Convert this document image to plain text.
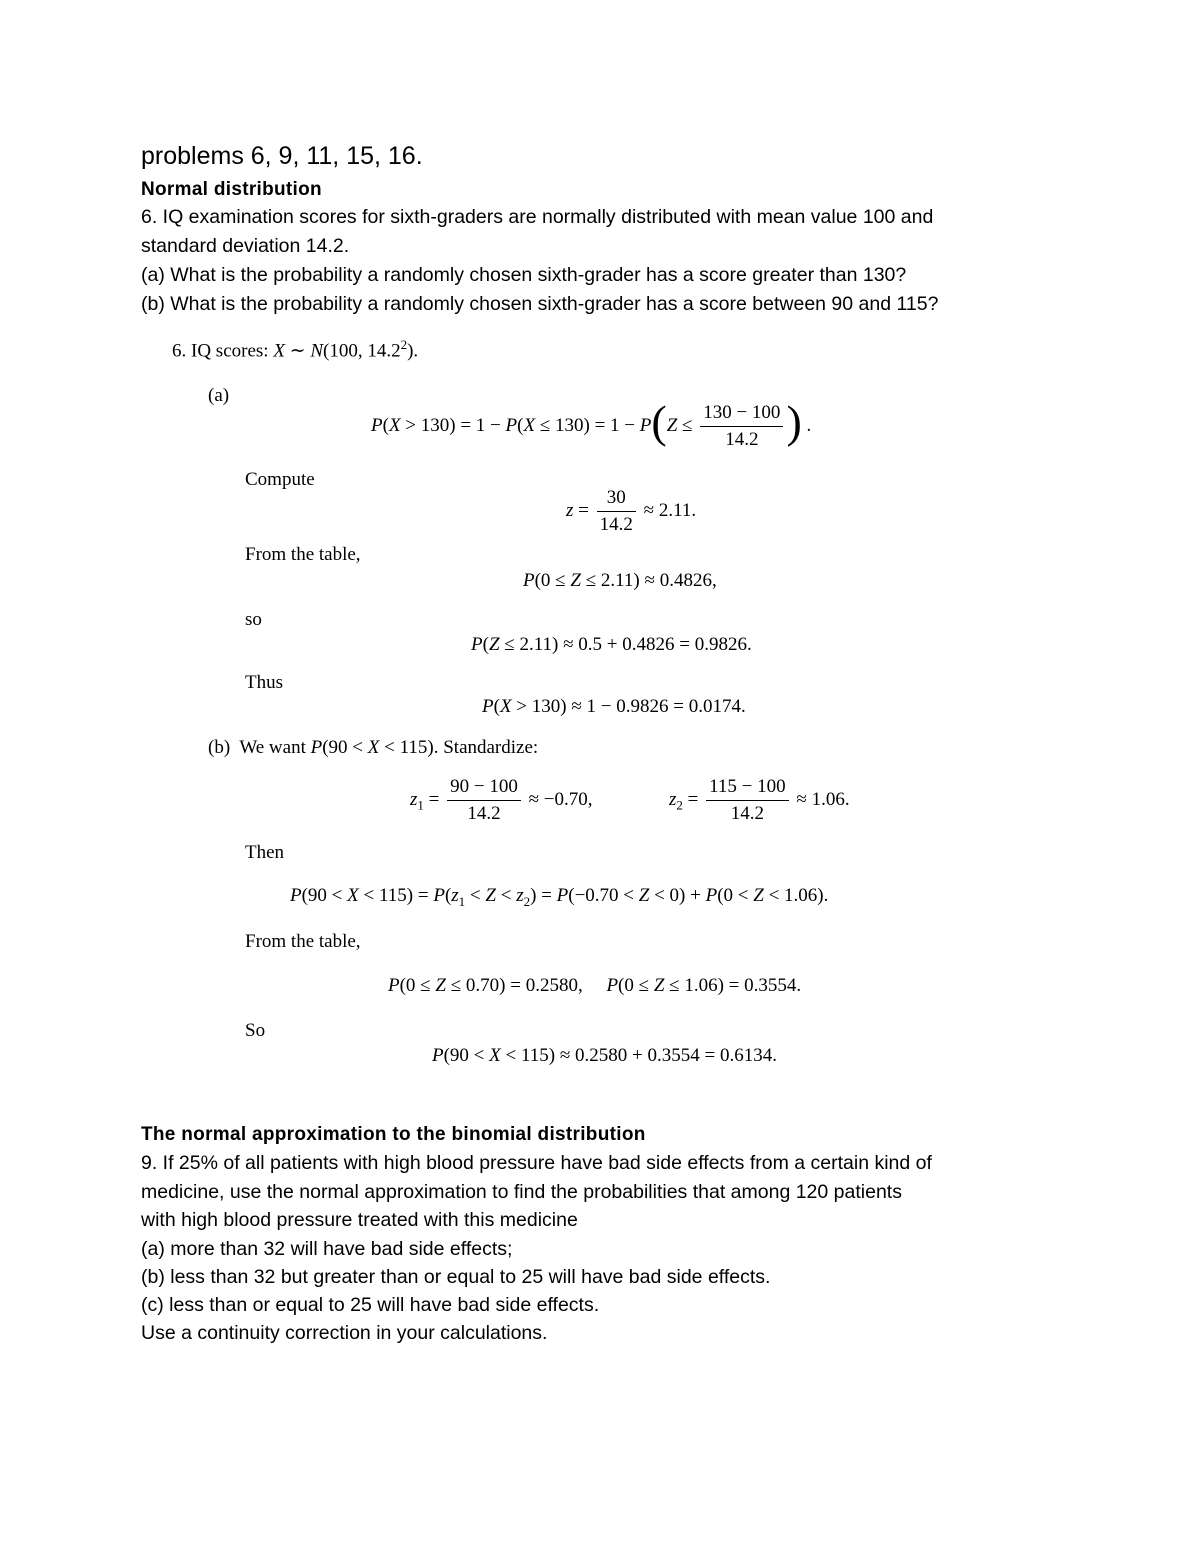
problems 6, 9, 11, 15, 16.
Normal distribution
6. IQ examination scores for sixth-graders are normally distributed with mean value 100 and
standard deviation 14.2.
(a) What is the probability a randomly chosen sixth-grader has a score greater than 130?
(b) What is the probability a randomly chosen sixth-grader has a score between 90 and 115?
6. IQ scores: X ∼ N(100, 14.2$^2$).
(a)
$P(X > 130) = 1 - P(X \le 130) = 1 - P(Z \le \frac{130 - 100}{14.2}$ ) .
Compute
$z = \frac{30}{14.2} \approx 2.11$.
From the table,
P(0 ≤ Z ≤ 2.11) ≈ 0.4826,
so
P(Z ≤ 2.11) ≈ 0.5 + 0.4826 = 0.9826.
Thus
P(X > 130) ≈ 1 − 0.9826 = 0.0174.
(b) We want P(90 < X < 115). Standardize:
$z_1 = \frac{90 - 100}{14.2} \approx -0.70$,	$z_2 = \frac{115 - 100}{14.2} \approx 1.06$.
Then
$P(90 < X < 115) = P(z_1 < Z < z_2) = P(-0.70 < Z < 0) + P(0 < Z < 1.06)$.
From the table,
P(0 ≤ Z ≤ 0.70) = 0.2580,     P(0 ≤ Z ≤ 1.06) = 0.3554.
So
P(90 < X < 115) ≈ 0.2580 + 0.3554 = 0.6134.
The normal approximation to the binomial distribution
9. If 25% of all patients with high blood pressure have bad side effects from a certain kind of
medicine, use the normal approximation to find the probabilities that among 120 patients
with high blood pressure treated with this medicine
(a) more than 32 will have bad side effects;
(b) less than 32 but greater than or equal to 25 will have bad side effects.
(c) less than or equal to 25 will have bad side effects.
Use a continuity correction in your calculations.
